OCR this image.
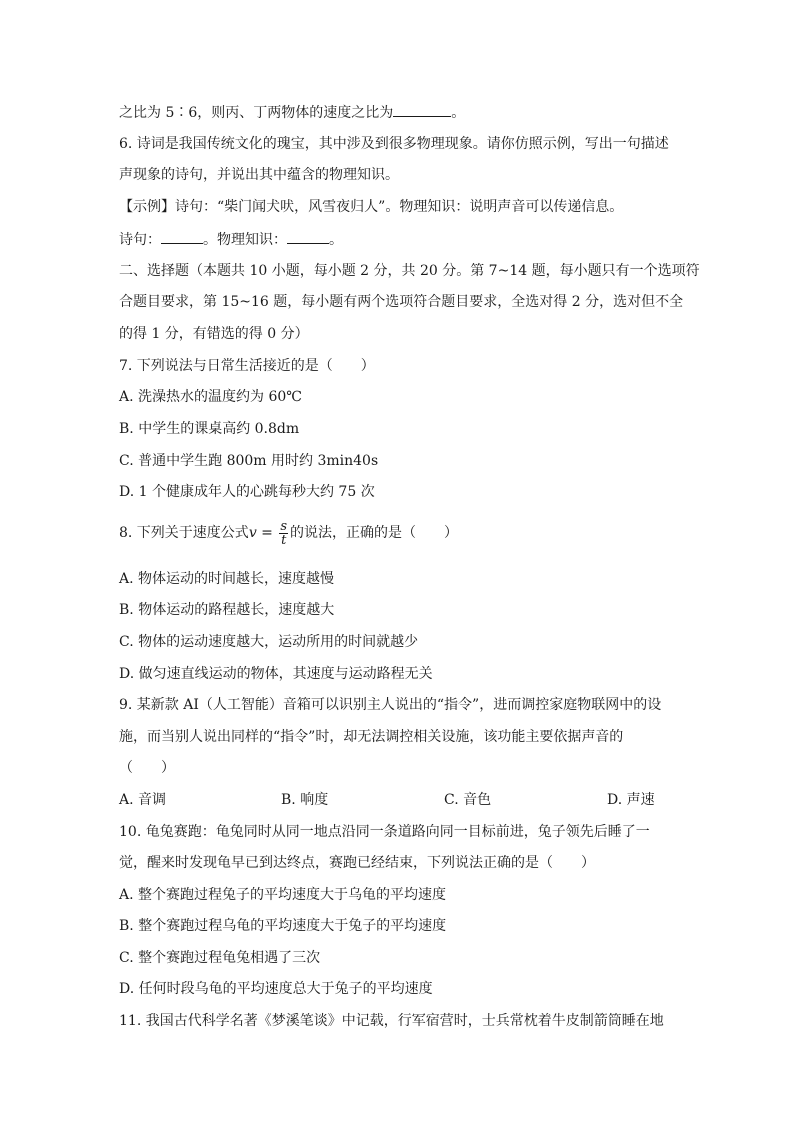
之比为 5∶6，则丙、丁两物体的速度之比为	。
6. 诗词是我国传统文化的瑰宝，其中涉及到很多物理现象。请你仿照示例，写出一句描述
声现象的诗句，并说出其中蕴含的物理知识。
【示例】诗句：“柴门闻犬吠，风雪夜归人”。物理知识：说明声音可以传递信息。
诗句：	。物理知识：	。
二、选择题（本题共 10 小题，每小题 2 分，共 20 分。第 7~14 题，每小题只有一个选项符
合题目要求，第 15~16 题，每小题有两个选项符合题目要求，全选对得 2 分，选对但不全
的得 1 分，有错选的得 0 分）
7. 下列说法与日常生活接近的是（　　）
A. 洗澡热水的温度约为 60℃
B. 中学生的课桌高约 0.8dm
C. 普通中学生跑 800m 用时约 3min40s
D. 1 个健康成年人的心跳每秒大约 75 次
8. 下列关于速度公式$v = \frac{s}{t}$ 的说法，正确的是（　　）
A. 物体运动的时间越长，速度越慢
B. 物体运动的路程越长，速度越大
C. 物体的运动速度越大，运动所用的时间就越少
D. 做匀速直线运动的物体，其速度与运动路程无关
9. 某新款 AI（人工智能）音箱可以识别主人说出的“指令”，进而调控家庭物联网中的设
施，而当别人说出同样的“指令”时，却无法调控相关设施，该功能主要依据声音的
（　　）
A. 音调	B. 响度	C. 音色	D. 声速
10. 龟兔赛跑：龟兔同时从同一地点沿同一条道路向同一目标前进，兔子领先后睡了一
觉，醒来时发现龟早已到达终点，赛跑已经结束，下列说法正确的是（　　）
A. 整个赛跑过程兔子的平均速度大于乌龟的平均速度
B. 整个赛跑过程乌龟的平均速度大于兔子的平均速度
C. 整个赛跑过程龟兔相遇了三次
D. 任何时段乌龟的平均速度总大于兔子的平均速度
11. 我国古代科学名著《梦溪笔谈》中记载，行军宿营时，士兵常枕着牛皮制箭筒睡在地
